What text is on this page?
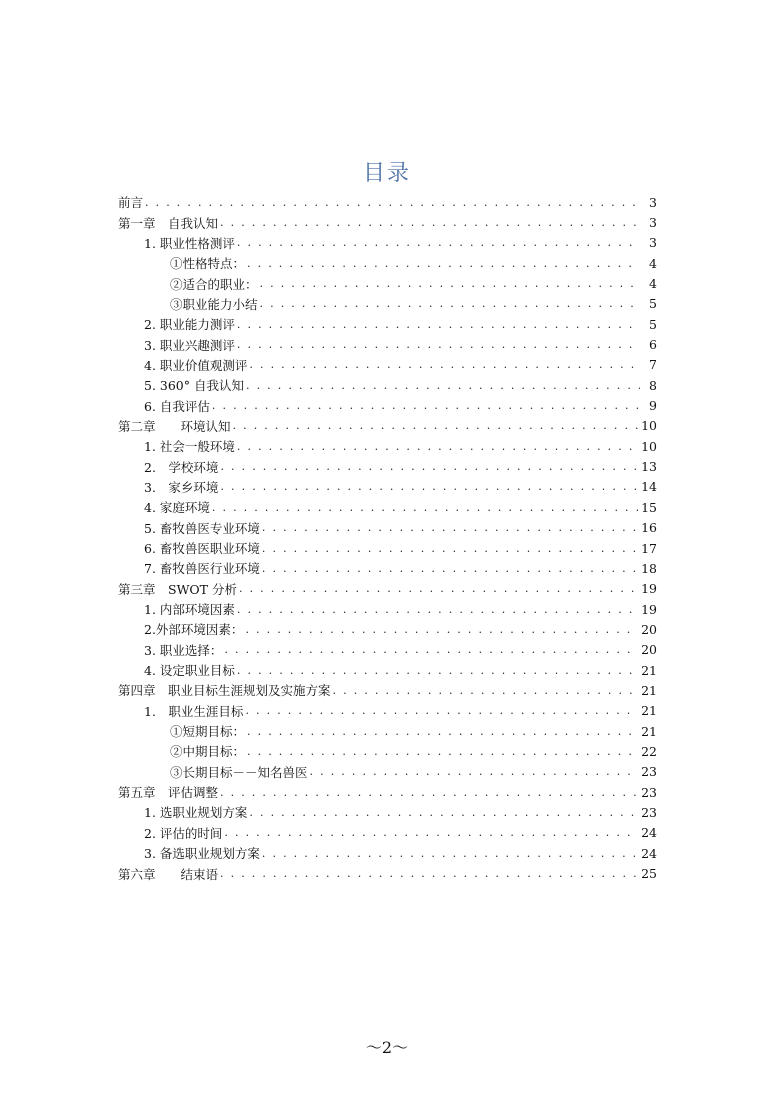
目录
前言 . . .	3
第一章　自我认知 . . .	3
1. 职业性格测评 . . .	3
①性格特点： . . .	4
②适合的职业： . . .	4
③职业能力小结 . . .	5
2. 职业能力测评 . . .	5
3. 职业兴趣测评 . . .	6
4. 职业价值观测评 . . .	7
5. 360° 自我认知 . . .	8
6. 自我评估 . . .	9
第二章　　环境认知 . . .	10
1. 社会一般环境 . . .	10
2.　学校环境 . . .	13
3.　家乡环境 . . .	14
4. 家庭环境 . . .	15
5. 畜牧兽医专业环境 . . .	16
6. 畜牧兽医职业环境 . . .	17
7. 畜牧兽医行业环境 . . .	18
第三章　SWOT 分析 . . .	19
1. 内部环境因素 . . .	19
2.外部环境因素： . . .	20
3. 职业选择： . . .	20
4. 设定职业目标 . . .	21
第四章　职业目标生涯规划及实施方案 . . .	21
1.　职业生涯目标 . . .	21
①短期目标： . . .	21
②中期目标： . . .	22
③长期目标－－知名兽医 . . .	23
第五章　评估调整 . . .	23
1. 选职业规划方案 . . .	23
2. 评估的时间 . . .	24
3. 备选职业规划方案 . . .	24
第六章　　结束语 . . .	25
～2～
